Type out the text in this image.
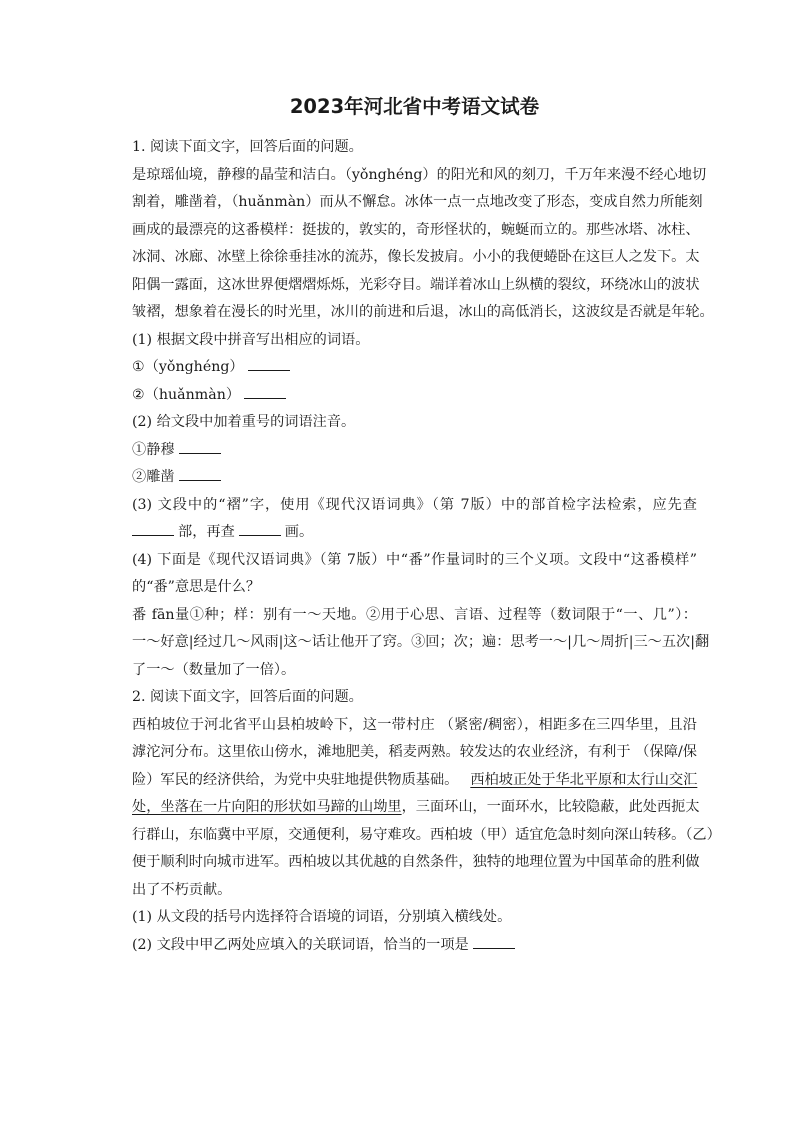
2023年河北省中考语文试卷
1. 阅读下面文字，回答后面的问题。
是琼瑶仙境，静穆的晶莹和洁白。（yǒnghéng）的阳光和风的刻刀，千万年来漫不经心地切
割着，雕凿着，（huǎnmàn）而从不懈怠。冰体一点一点地改变了形态，变成自然力所能刻
画成的最漂亮的这番模样：挺拔的，敦实的，奇形怪状的，蜿蜒而立的。那些冰塔、冰柱、
冰洞、冰廊、冰壁上徐徐垂挂冰的流苏，像长发披肩。小小的我便蜷卧在这巨人之发下。太
阳偶一露面，这冰世界便熠熠烁烁，光彩夺目。端详着冰山上纵横的裂纹，环绕冰山的波状
皱褶，想象着在漫长的时光里，冰川的前进和后退，冰山的高低消长，这波纹是否就是年轮。
(1) 根据文段中拼音写出相应的词语。
①（yǒnghéng）
②（huǎnmàn）
(2) 给文段中加着重号的词语注音。
①静穆
②雕凿
(3) 文段中的“褶”字，使用《现代汉语词典》（第 7版）中的部首检字法检索，应先查
部，再查	画。
(4) 下面是《现代汉语词典》（第 7版）中“番”作量词时的三个义项。文段中“这番模样”
的“番”意思是什么？
番 fān量①种；样：别有一～天地。②用于心思、言语、过程等（数词限于“一、几”）：
一～好意|经过几～风雨|这～话让他开了窍。③回；次；遍：思考一～|几～周折|三～五次|翻
了一～（数量加了一倍）。
2. 阅读下面文字，回答后面的问题。
西柏坡位于河北省平山县柏坡岭下，这一带村庄 （紧密/稠密），相距多在三四华里，且沿
滹沱河分布。这里依山傍水，滩地肥美，稻麦两熟。较发达的农业经济，有利于 （保障/保
险）军民的经济供给，为党中央驻地提供物质基础。 西柏坡正处于华北平原和太行山交汇
处，坐落在一片向阳的形状如马蹄的山坳里，三面环山，一面环水，比较隐蔽，此处西扼太
行群山，东临冀中平原，交通便利，易守难攻。西柏坡（甲）适宜危急时刻向深山转移。（乙）
便于顺利时向城市进军。西柏坡以其优越的自然条件，独特的地理位置为中国革命的胜利做
出了不朽贡献。
(1) 从文段的括号内选择符合语境的词语，分别填入横线处。
(2) 文段中甲乙两处应填入的关联词语，恰当的一项是
